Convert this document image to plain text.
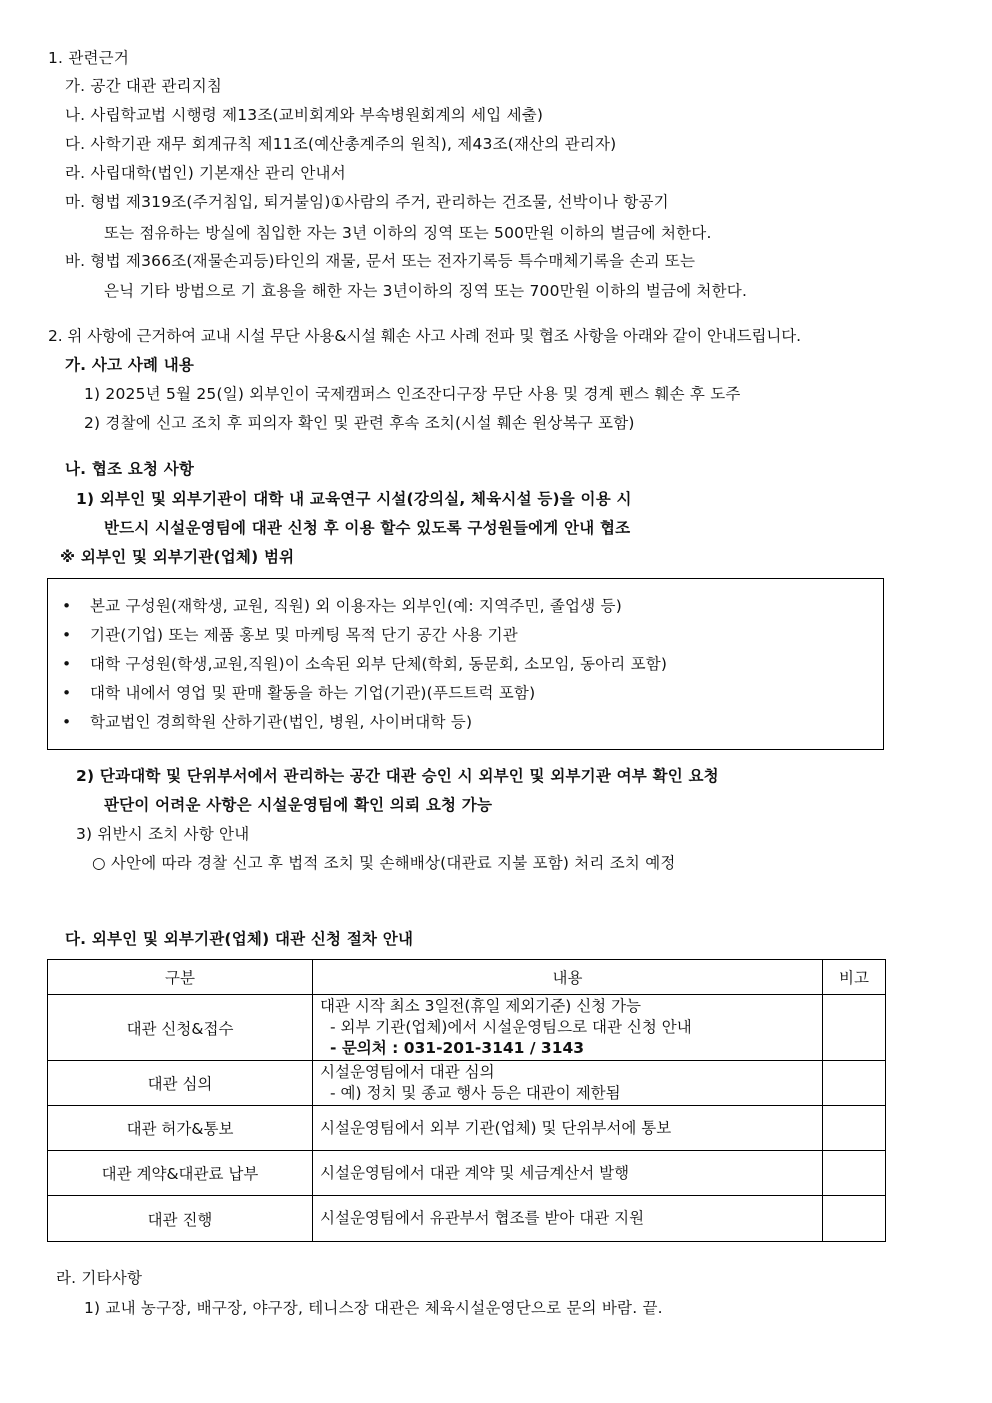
1. 관련근거
가. 공간 대관 관리지침
나. 사립학교법 시행령 제13조(교비회계와 부속병원회계의 세입 세출)
다. 사학기관 재무 회계규칙 제11조(예산총계주의 원칙), 제43조(재산의 관리자)
라. 사립대학(법인) 기본재산 관리 안내서
마. 형법 제319조(주거침입, 퇴거불임)①사람의 주거, 관리하는 건조물, 선박이나 항공기
또는 점유하는 방실에 침입한 자는 3년 이하의 징역 또는 500만원 이하의 벌금에 처한다.
바. 형법 제366조(재물손괴등)타인의 재물, 문서 또는 전자기록등 특수매체기록을 손괴 또는
은닉 기타 방법으로 기 효용을 해한 자는 3년이하의 징역 또는 700만원 이하의 벌금에 처한다.
2. 위 사항에 근거하여 교내 시설 무단 사용&시설 훼손 사고 사례 전파 및 협조 사항을 아래와 같이 안내드립니다.
가. 사고 사례 내용
1) 2025년 5월 25(일) 외부인이 국제캠퍼스 인조잔디구장 무단 사용 및 경계 펜스 훼손 후 도주
2) 경찰에 신고 조치 후 피의자 확인 및 관련 후속 조치(시설 훼손 원상복구 포함)
나. 협조 요청 사항
1) 외부인 및 외부기관이 대학 내 교육연구 시설(강의실, 체육시설 등)을 이용 시
반드시 시설운영팀에 대관 신청 후 이용 할수 있도록 구성원들에게 안내 협조
※ 외부인 및 외부기관(업체) 범위
• 본교 구성원(재학생, 교원, 직원) 외 이용자는 외부인(예: 지역주민, 졸업생 등)
• 기관(기업) 또는 제품 홍보 및 마케팅 목적 단기 공간 사용 기관
• 대학 구성원(학생,교원,직원)이 소속된 외부 단체(학회, 동문회, 소모임, 동아리 포함)
• 대학 내에서 영업 및 판매 활동을 하는 기업(기관)(푸드트럭 포함)
• 학교법인 경희학원 산하기관(법인, 병원, 사이버대학 등)
2) 단과대학 및 단위부서에서 관리하는 공간 대관 승인 시 외부인 및 외부기관 여부 확인 요청
판단이 어려운 사항은 시설운영팀에 확인 의뢰 요청 가능
3) 위반시 조치 사항 안내
○ 사안에 따라 경찰 신고 후 법적 조치 및 손해배상(대관료 지불 포함) 처리 조치 예정
다. 외부인 및 외부기관(업체) 대관 신청 절차 안내
구분	내용	비고
대관 신청&접수	대관 시작 최소 3일전(휴일 제외기준) 신청 가능
- 외부 기관(업체)에서 시설운영팀으로 대관 신청 안내
- 문의처 : 031-201-3141 / 3143	

대관 심의	시설운영팀에서 대관 심의
- 예) 정치 및 종교 행사 등은 대관이 제한됨	

대관 허가&통보	시설운영팀에서 외부 기관(업체) 및 단위부서에 통보	
대관 계약&대관료 납부	시설운영팀에서 대관 계약 및 세금계산서 발행	
대관 진행	시설운영팀에서 유관부서 협조를 받아 대관 지원	
라. 기타사항
1) 교내 농구장, 배구장, 야구장, 테니스장 대관은 체육시설운영단으로 문의 바람. 끝.
